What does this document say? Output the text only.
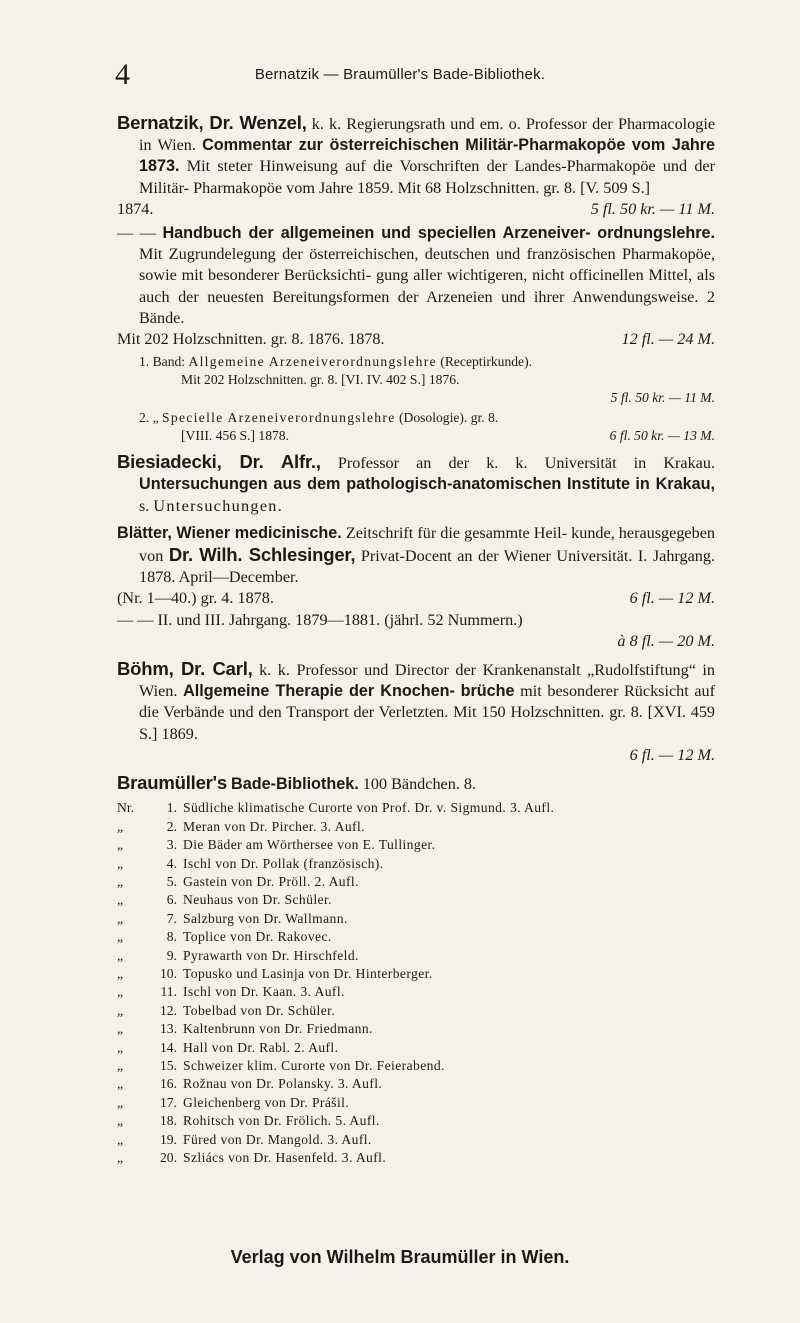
4	Bernatzik — Braumüller's Bade-Bibliothek.
Bernatzik, Dr. Wenzel, k. k. Regierungsrath und em. o. Professor der Pharmacologie in Wien. Commentar zur österreichischen Militär-Pharmakopöe vom Jahre 1873. Mit steter Hinweisung auf die Vorschriften der Landes-Pharmakopöe und der Militär- Pharmakopöe vom Jahre 1859. Mit 68 Holzschnitten. gr. 8. [V. 509 S.]
1874.	5 fl. 50 kr. — 11 M.
— — Handbuch der allgemeinen und speciellen Arzeneiver- ordnungslehre. Mit Zugrundelegung der österreichischen, deutschen und französischen Pharmakopöe, sowie mit besonderer Berücksichti- gung aller wichtigeren, nicht officinellen Mittel, als auch der neuesten Bereitungsformen der Arzeneien und ihrer Anwendungsweise. 2 Bände.
Mit 202 Holzschnitten. gr. 8. 1876. 1878.	12 fl. — 24 M.
1. Band: Allgemeine Arzeneiverordnungslehre (Receptirkunde).
Mit 202 Holzschnitten. gr. 8. [VI. IV. 402 S.] 1876.
5 fl. 50 kr. — 11 M.
2. „ Specielle Arzeneiverordnungslehre (Dosologie). gr. 8.
[VIII. 456 S.] 1878.	6 fl. 50 kr. — 13 M.
Biesiadecki, Dr. Alfr., Professor an der k. k. Universität in Krakau. Untersuchungen aus dem pathologisch-anatomischen Institute in Krakau, s. Untersuchungen.
Blätter, Wiener medicinische. Zeitschrift für die gesammte Heil- kunde, herausgegeben von Dr. Wilh. Schlesinger, Privat-Docent an der Wiener Universität. I. Jahrgang. 1878. April—December.
(Nr. 1—40.) gr. 4. 1878.	6 fl. — 12 M.
— — II. und III. Jahrgang. 1879—1881. (jährl. 52 Nummern.)
à 8 fl. — 20 M.
Böhm, Dr. Carl, k. k. Professor und Director der Krankenanstalt „Rudolfstiftung“ in Wien. Allgemeine Therapie der Knochen- brüche mit besonderer Rücksicht auf die Verbände und den Transport der Verletzten. Mit 150 Holzschnitten. gr. 8. [XVI. 459 S.] 1869.
6 fl. — 12 M.
Braumüller's Bade-Bibliothek. 100 Bändchen. 8.
Nr.	1. Südliche klimatische Curorte von Prof. Dr. v. Sigmund. 3. Aufl.
„	2. Meran von Dr. Pircher. 3. Aufl.
„	3. Die Bäder am Wörthersee von E. Tullinger.
„	4. Ischl von Dr. Pollak (französisch).
„	5. Gastein von Dr. Pröll. 2. Aufl.
„	6. Neuhaus von Dr. Schüler.
„	7. Salzburg von Dr. Wallmann.
„	8. Toplice von Dr. Rakovec.
„	9. Pyrawarth von Dr. Hirschfeld.
„	10. Topusko und Lasinja von Dr. Hinterberger.
„	11. Ischl von Dr. Kaan. 3. Aufl.
„	12. Tobelbad von Dr. Schüler.
„	13. Kaltenbrunn von Dr. Friedmann.
„	14. Hall von Dr. Rabl. 2. Aufl.
„	15. Schweizer klim. Curorte von Dr. Feierabend.
„	16. Rožnau von Dr. Polansky. 3. Aufl.
„	17. Gleichenberg von Dr. Prášil.
„	18. Rohitsch von Dr. Frölich. 5. Aufl.
„	19. Füred von Dr. Mangold. 3. Aufl.
„	20. Szliács von Dr. Hasenfeld. 3. Aufl.
Verlag von Wilhelm Braumüller in Wien.
